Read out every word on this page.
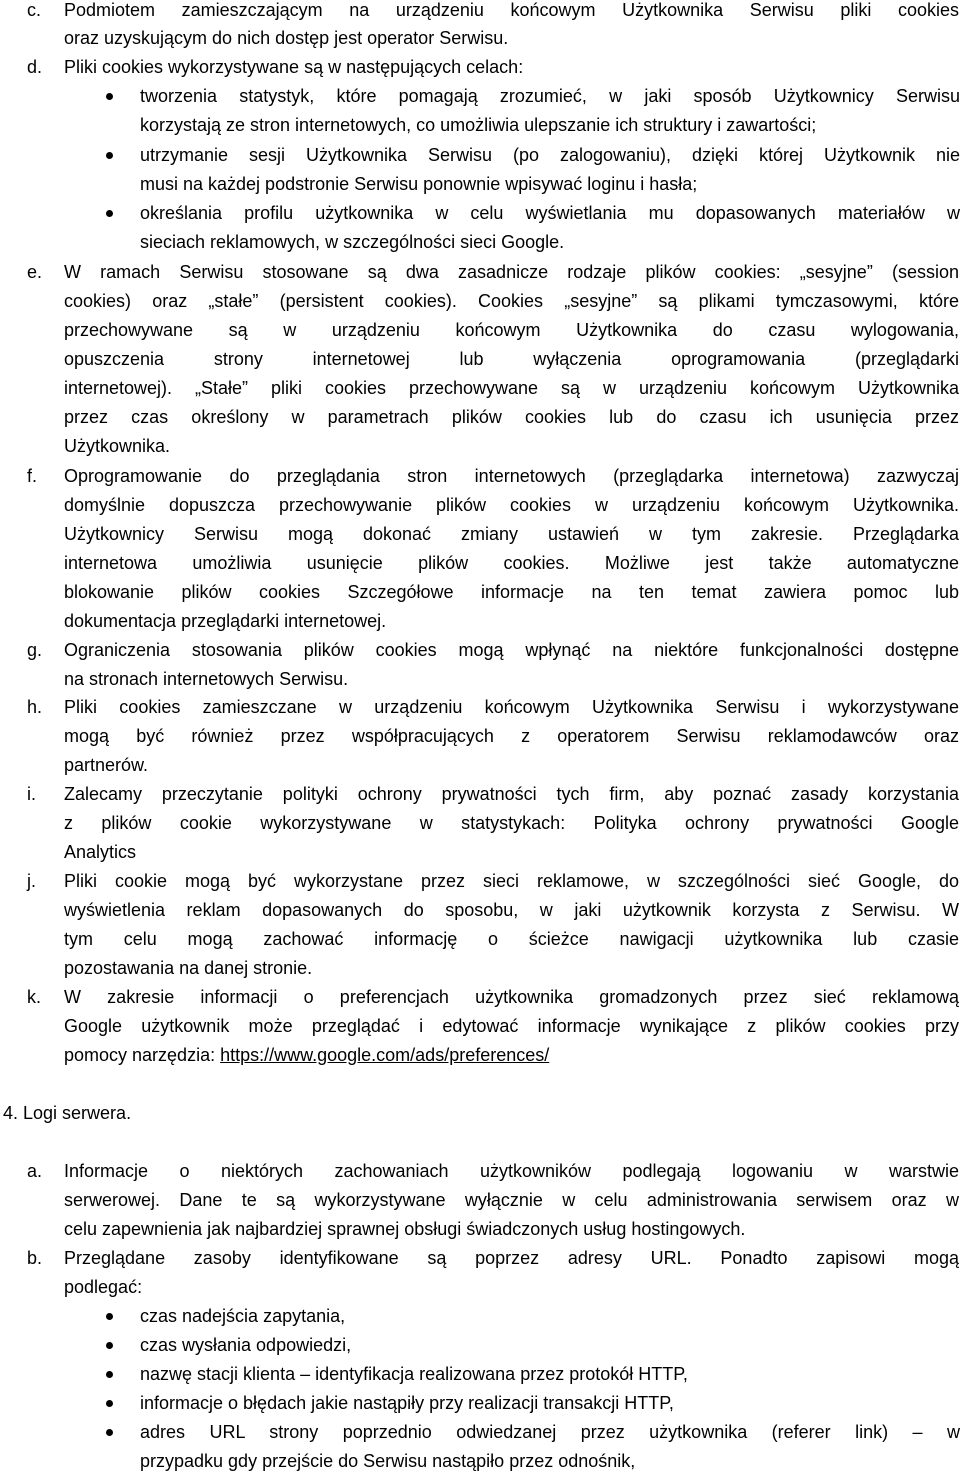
c. Podmiotem zamieszczającym na urządzeniu końcowym Użytkownika Serwisu pliki cookies
oraz uzyskującym do nich dostęp jest operator Serwisu.
d. Pliki cookies wykorzystywane są w następujących celach:
tworzenia statystyk, które pomagają zrozumieć, w jaki sposób Użytkownicy Serwisu
korzystają ze stron internetowych, co umożliwia ulepszanie ich struktury i zawartości;
utrzymanie sesji Użytkownika Serwisu (po zalogowaniu), dzięki której Użytkownik nie
musi na każdej podstronie Serwisu ponownie wpisywać loginu i hasła;
określania profilu użytkownika w celu wyświetlania mu dopasowanych materiałów w
sieciach reklamowych, w szczególności sieci Google.
e. W ramach Serwisu stosowane są dwa zasadnicze rodzaje plików cookies: „sesyjne” (session
cookies) oraz „stałe” (persistent cookies). Cookies „sesyjne” są plikami tymczasowymi, które
przechowywane są w urządzeniu końcowym Użytkownika do czasu wylogowania,
opuszczenia strony internetowej lub wyłączenia oprogramowania (przeglądarki
internetowej). „Stałe” pliki cookies przechowywane są w urządzeniu końcowym Użytkownika
przez czas określony w parametrach plików cookies lub do czasu ich usunięcia przez
Użytkownika.
f. Oprogramowanie do przeglądania stron internetowych (przeglądarka internetowa) zazwyczaj
domyślnie dopuszcza przechowywanie plików cookies w urządzeniu końcowym Użytkownika.
Użytkownicy Serwisu mogą dokonać zmiany ustawień w tym zakresie. Przeglądarka
internetowa umożliwia usunięcie plików cookies. Możliwe jest także automatyczne
blokowanie plików cookies Szczegółowe informacje na ten temat zawiera pomoc lub
dokumentacja przeglądarki internetowej.
g. Ograniczenia stosowania plików cookies mogą wpłynąć na niektóre funkcjonalności dostępne
na stronach internetowych Serwisu.
h. Pliki cookies zamieszczane w urządzeniu końcowym Użytkownika Serwisu i wykorzystywane
mogą być również przez współpracujących z operatorem Serwisu reklamodawców oraz
partnerów.
i. Zalecamy przeczytanie polityki ochrony prywatności tych firm, aby poznać zasady korzystania
z plików cookie wykorzystywane w statystykach: Polityka ochrony prywatności Google
Analytics
j. Pliki cookie mogą być wykorzystane przez sieci reklamowe, w szczególności sieć Google, do
wyświetlenia reklam dopasowanych do sposobu, w jaki użytkownik korzysta z Serwisu. W
tym celu mogą zachować informację o ścieżce nawigacji użytkownika lub czasie
pozostawania na danej stronie.
k. W zakresie informacji o preferencjach użytkownika gromadzonych przez sieć reklamową
Google użytkownik może przeglądać i edytować informacje wynikające z plików cookies przy
pomocy narzędzia: https://www.google.com/ads/preferences/
4. Logi serwera.
a. Informacje o niektórych zachowaniach użytkowników podlegają logowaniu w warstwie
serwerowej. Dane te są wykorzystywane wyłącznie w celu administrowania serwisem oraz w
celu zapewnienia jak najbardziej sprawnej obsługi świadczonych usług hostingowych.
b. Przeglądane zasoby identyfikowane są poprzez adresy URL. Ponadto zapisowi mogą
podlegać:
czas nadejścia zapytania,
czas wysłania odpowiedzi,
nazwę stacji klienta – identyfikacja realizowana przez protokół HTTP,
informacje o błędach jakie nastąpiły przy realizacji transakcji HTTP,
adres URL strony poprzednio odwiedzanej przez użytkownika (referer link) – w
przypadku gdy przejście do Serwisu nastąpiło przez odnośnik,
